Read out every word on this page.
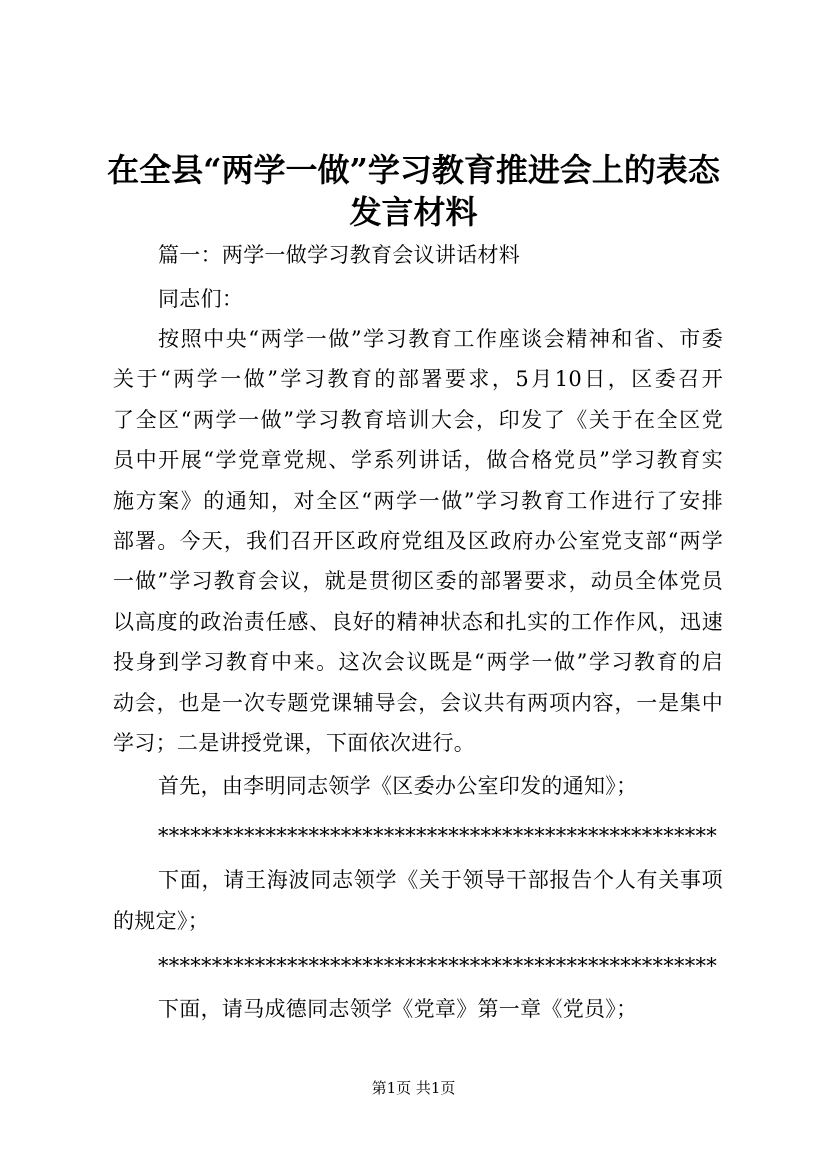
在全县“两学一做”学习教育推进会上的表态
发言材料
篇一：两学一做学习教育会议讲话材料
同志们：
按照中央“两学一做”学习教育工作座谈会精神和省、市委
关于“两学一做”学习教育的部署要求，5月10日，区委召开
了全区“两学一做”学习教育培训大会，印发了《关于在全区党
员中开展“学党章党规、学系列讲话，做合格党员”学习教育实
施方案》的通知，对全区“两学一做”学习教育工作进行了安排
部署。今天，我们召开区政府党组及区政府办公室党支部“两学
一做”学习教育会议，就是贯彻区委的部署要求，动员全体党员
以高度的政治责任感、良好的精神状态和扎实的工作作风，迅速
投身到学习教育中来。这次会议既是“两学一做”学习教育的启
动会，也是一次专题党课辅导会，会议共有两项内容，一是集中
学习；二是讲授党课，下面依次进行。
首先，由李明同志领学《区委办公室印发的通知》；
****************************************************
下面，请王海波同志领学《关于领导干部报告个人有关事项
的规定》；
****************************************************
下面，请马成德同志领学《党章》第一章《党员》；
第1页 共1页
